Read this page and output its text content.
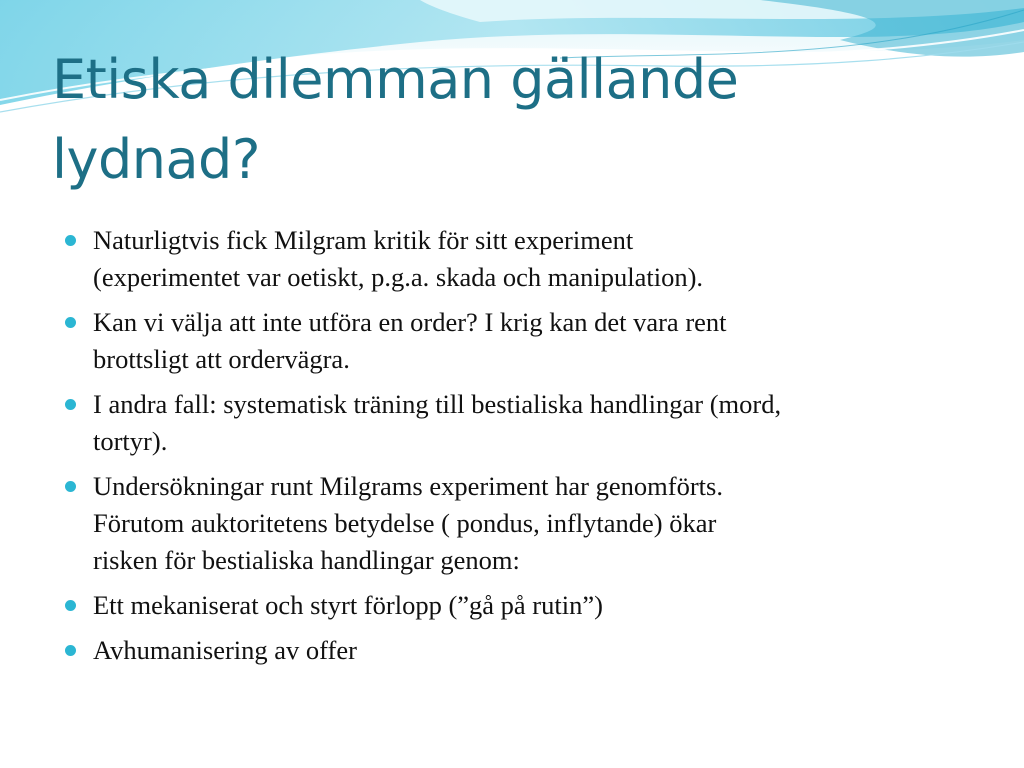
Etiska dilemman gällande
lydnad?
Naturligtvis fick Milgram kritik för sitt experiment
(experimentet var oetiskt, p.g.a. skada och manipulation).
Kan vi välja att inte utföra en order? I krig kan det vara rent
brottsligt att ordervägra.
I andra fall: systematisk träning till bestialiska handlingar (mord,
tortyr).
Undersökningar runt Milgrams experiment har genomförts.
Förutom auktoritetens betydelse ( pondus, inflytande) ökar
risken för bestialiska handlingar genom:
Ett mekaniserat och styrt förlopp (”gå på rutin”)
Avhumanisering av offer
